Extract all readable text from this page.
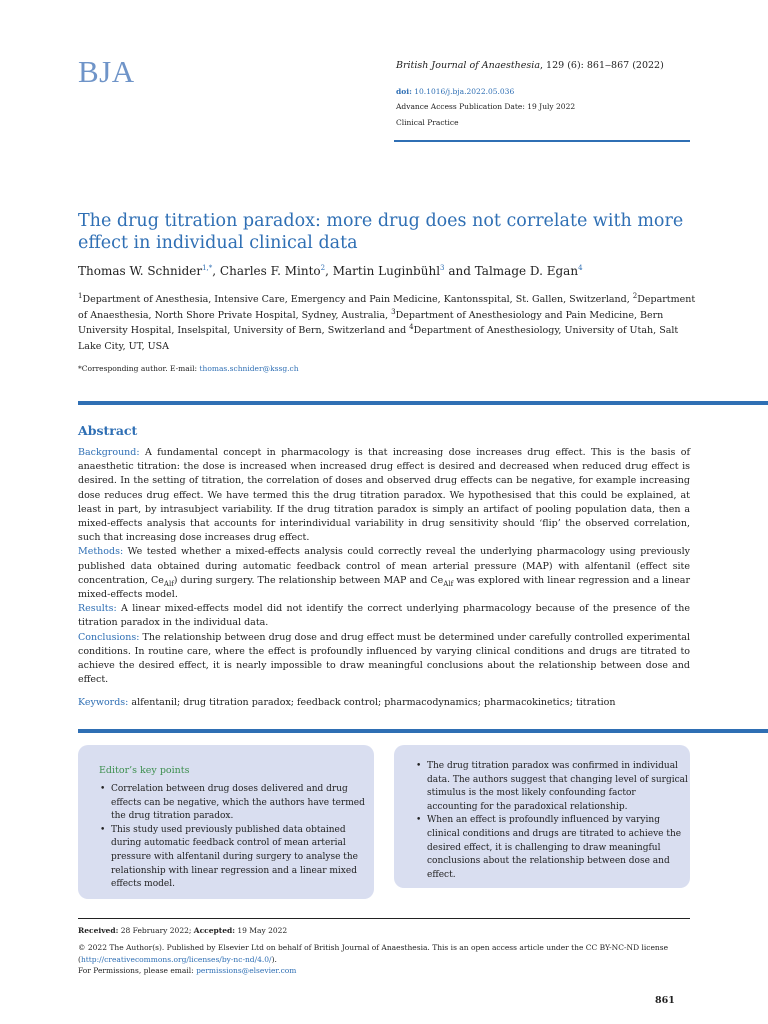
BJA	British Journal of Anaesthesia, 129 (6): 861‒867 (2022)
doi: 10.1016/j.bja.2022.05.036
Advance Access Publication Date: 19 July 2022
Clinical Practice
The drug titration paradox: more drug does not correlate with more effect in individual clinical data
Thomas W. Schnider$^{1,*}$, Charles F. Minto$^2$, Martin Luginbühl$^3$ and Talmage D. Egan$^4$
$^1$Department of Anesthesia, Intensive Care, Emergency and Pain Medicine, Kantonsspital, St. Gallen, Switzerland, $^2$Department of Anaesthesia, North Shore Private Hospital, Sydney, Australia, $^3$Department of Anesthesiology and Pain Medicine, Bern University Hospital, Inselspital, University of Bern, Switzerland and $^4$Department of Anesthesiology, University of Utah, Salt Lake City, UT, USA
*Corresponding author. E-mail: thomas.schnider@kssg.ch
Abstract
Background: A fundamental concept in pharmacology is that increasing dose increases drug effect. This is the basis of anaesthetic titration: the dose is increased when increased drug effect is desired and decreased when reduced drug effect is desired. In the setting of titration, the correlation of doses and observed drug effects can be negative, for example increasing dose reduces drug effect. We have termed this the drug titration paradox. We hypothesised that this could be explained, at least in part, by intrasubject variability. If the drug titration paradox is simply an artifact of pooling population data, then a mixed-effects analysis that accounts for interindividual variability in drug sensitivity should ‘flip’ the observed correlation, such that increasing dose increases drug effect.
Methods: We tested whether a mixed-effects analysis could correctly reveal the underlying pharmacology using previously published data obtained during automatic feedback control of mean arterial pressure (MAP) with alfentanil (effect site concentration, $Ce_{Alf}$) during surgery. The relationship between MAP and $Ce_{Alf}$ was explored with linear regression and a linear mixed-effects model.
Results: A linear mixed-effects model did not identify the correct underlying pharmacology because of the presence of the titration paradox in the individual data.
Conclusions: The relationship between drug dose and drug effect must be determined under carefully controlled experimental conditions. In routine care, where the effect is profoundly influenced by varying clinical conditions and drugs are titrated to achieve the desired effect, it is nearly impossible to draw meaningful conclusions about the relationship between dose and effect.
Keywords: alfentanil; drug titration paradox; feedback control; pharmacodynamics; pharmacokinetics; titration
Editor’s key points
• Correlation between drug doses delivered and drug effects can be negative, which the authors have termed the drug titration paradox.
• This study used previously published data obtained during automatic feedback control of mean arterial pressure with alfentanil during surgery to analyse the relationship with linear regression and a linear mixed effects model.
• The drug titration paradox was confirmed in individual data. The authors suggest that changing level of surgical stimulus is the most likely confounding factor accounting for the paradoxical relationship.
• When an effect is profoundly influenced by varying clinical conditions and drugs are titrated to achieve the desired effect, it is challenging to draw meaningful conclusions about the relationship between dose and effect.
Received: 28 February 2022; Accepted: 19 May 2022
© 2022 The Author(s). Published by Elsevier Ltd on behalf of British Journal of Anaesthesia. This is an open access article under the CC BY-NC-ND license (http://creativecommons.org/licenses/by-nc-nd/4.0/).
For Permissions, please email: permissions@elsevier.com
861
